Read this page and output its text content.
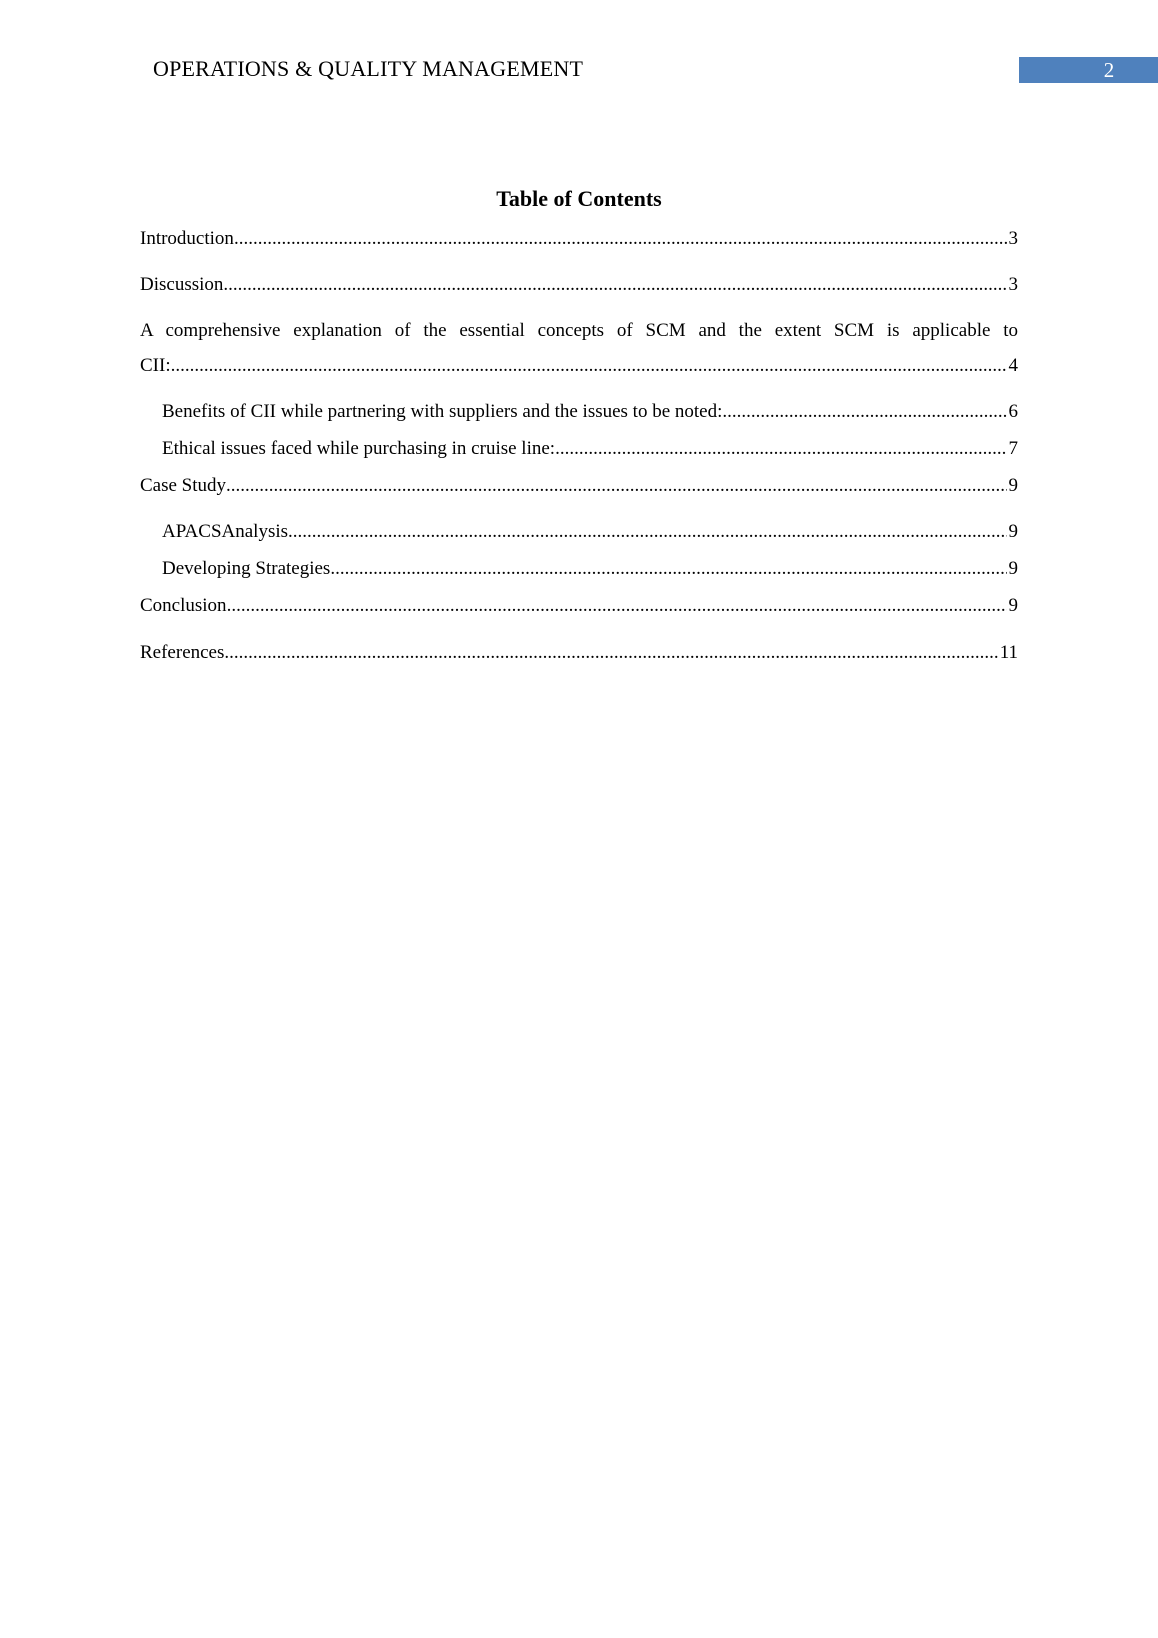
OPERATIONS & QUALITY MANAGEMENT	2
Table of Contents
Introduction .....	3
Discussion .....	3
A comprehensive explanation of the essential concepts of SCM and the extent SCM is applicable to
CII: .....	4
Benefits of CII while partnering with suppliers and the issues to be noted: .....	6
Ethical issues faced while purchasing in cruise line: .....	7
Case Study .....	9
APACSAnalysis .....	9
Developing Strategies .....	9
Conclusion .....	9
References .....	11
